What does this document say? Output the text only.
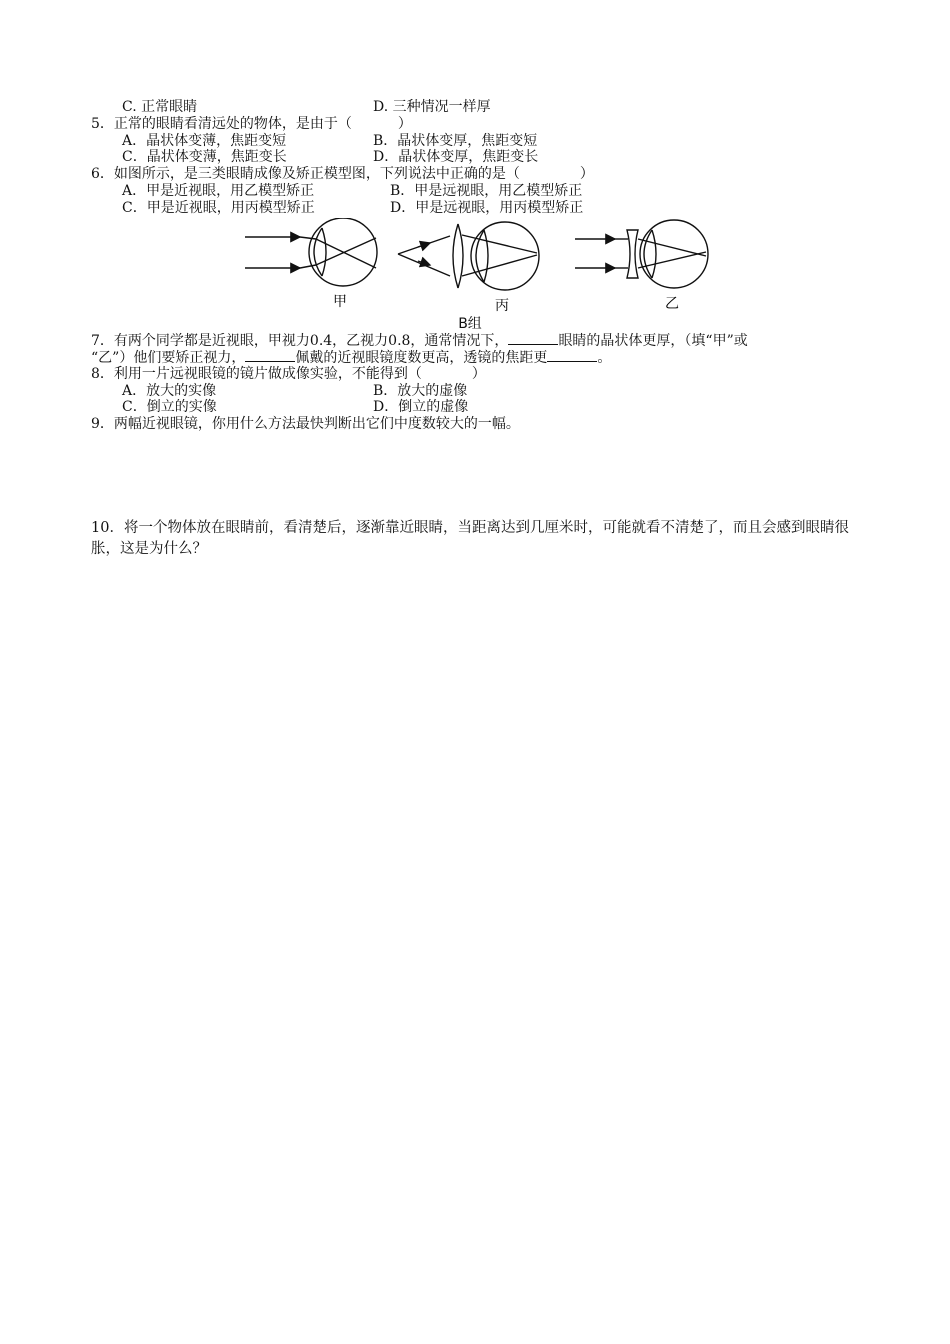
C. 正常眼睛	D. 三种情况一样厚
5．正常的眼睛看清远处的物体，是由于（	）
A．晶状体变薄，焦距变短	B．晶状体变厚，焦距变短
C．晶状体变薄，焦距变长	D．晶状体变厚，焦距变长
6．如图所示，是三类眼睛成像及矫正模型图，下列说法中正确的是（	）
A．甲是近视眼，用乙模型矫正	B．甲是远视眼，用乙模型矫正
C．甲是近视眼，用丙模型矫正	D．甲是远视眼，用丙模型矫正
甲	丙	乙
B组
7．有两个同学都是近视眼，甲视力0.4，乙视力0.8，通常情况下，	眼睛的晶状体更厚，（填“甲”或
“乙”）他们要矫正视力，	佩戴的近视眼镜度数更高，透镜的焦距更	。
8．利用一片远视眼镜的镜片做成像实验，不能得到（	）
A．放大的实像	B．放大的虚像
C．倒立的实像	D．倒立的虚像
9．两幅近视眼镜，你用什么方法最快判断出它们中度数较大的一幅。
10．将一个物体放在眼睛前，看清楚后，逐渐靠近眼睛，当距离达到几厘米时，可能就看不清楚了，而且会感到眼睛很胀，这是为什么？
